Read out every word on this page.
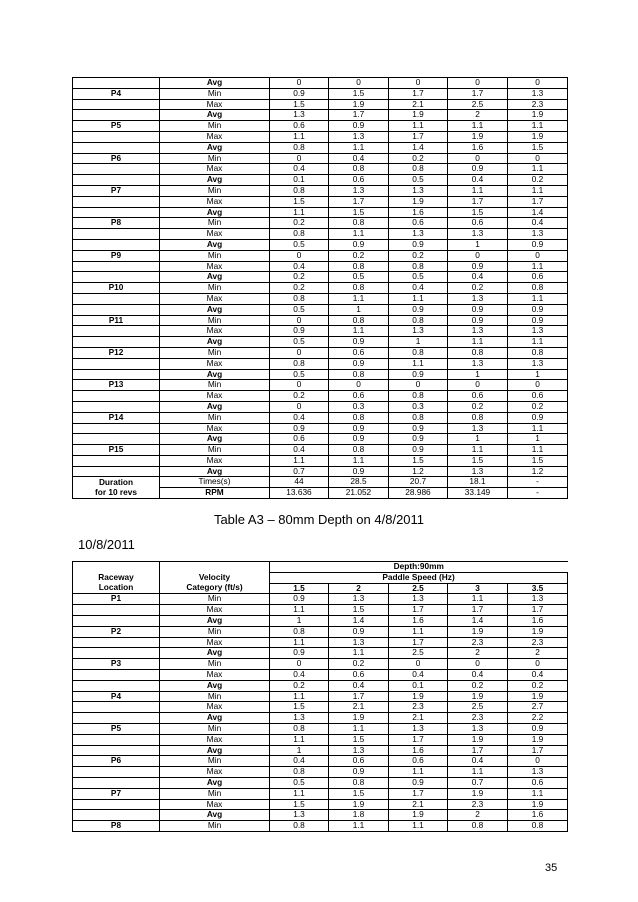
	Avg	0	0	0	0	0
P4	Min	0.9	1.5	1.7	1.7	1.3
	Max	1.5	1.9	2.1	2.5	2.3
	Avg	1.3	1.7	1.9	2	1.9
P5	Min	0.6	0.9	1.1	1.1	1.1
	Max	1.1	1.3	1.7	1.9	1.9
	Avg	0.8	1.1	1.4	1.6	1.5
P6	Min	0	0.4	0.2	0	0
	Max	0.4	0.8	0.8	0.9	1.1
	Avg	0.1	0.6	0.5	0.4	0.2
P7	Min	0.8	1.3	1.3	1.1	1.1
	Max	1.5	1.7	1.9	1.7	1.7
	Avg	1.1	1.5	1.6	1.5	1.4
P8	Min	0.2	0.8	0.6	0.6	0.4
	Max	0.8	1.1	1.3	1.3	1.3
	Avg	0.5	0.9	0.9	1	0.9
P9	Min	0	0.2	0.2	0	0
	Max	0.4	0.8	0.8	0.9	1.1
	Avg	0.2	0.5	0.5	0.4	0.6
P10	Min	0.2	0.8	0.4	0.2	0.8
	Max	0.8	1.1	1.1	1.3	1.1
	Avg	0.5	1	0.9	0.9	0.9
P11	Min	0	0.8	0.8	0.9	0.9
	Max	0.9	1.1	1.3	1.3	1.3
	Avg	0.5	0.9	1	1.1	1.1
P12	Min	0	0.6	0.8	0.8	0.8
	Max	0.8	0.9	1.1	1.3	1.3
	Avg	0.5	0.8	0.9	1	1
P13	Min	0	0	0	0	0
	Max	0.2	0.6	0.8	0.6	0.6
	Avg	0	0.3	0.3	0.2	0.2
P14	Min	0.4	0.8	0.8	0.8	0.9
	Max	0.9	0.9	0.9	1.3	1.1
	Avg	0.6	0.9	0.9	1	1
P15	Min	0.4	0.8	0.9	1.1	1.1
	Max	1.1	1.1	1.5	1.5	1.5
	Avg	0.7	0.9	1.2	1.3	1.2
Duration	Times(s)	44	28.5	20.7	18.1	-
for 10 revs	RPM	13.636	21.052	28.986	33.149	-
Table A3 – 80mm Depth on 4/8/2011
10/8/2011
		Depth:90mm				
Raceway	Velocity	Paddle Speed (Hz)				
Location	Category (ft/s)	1.5	2	2.5	3	3.5
P1	Min	0.9	1.3	1.3	1.1	1.3
	Max	1.1	1.5	1.7	1.7	1.7
	Avg	1	1.4	1.6	1.4	1.6
P2	Min	0.8	0.9	1.1	1.9	1.9
	Max	1.1	1.3	1.7	2.3	2.3
	Avg	0.9	1.1	2.5	2	2
P3	Min	0	0.2	0	0	0
	Max	0.4	0.6	0.4	0.4	0.4
	Avg	0.2	0.4	0.1	0.2	0.2
P4	Min	1.1	1.7	1.9	1.9	1.9
	Max	1.5	2.1	2.3	2.5	2.7
	Avg	1.3	1.9	2.1	2.3	2.2
P5	Min	0.8	1.1	1.3	1.3	0.9
	Max	1.1	1.5	1.7	1.9	1.9
	Avg	1	1.3	1.6	1.7	1.7
P6	Min	0.4	0.6	0.6	0.4	0
	Max	0.8	0.9	1.1	1.1	1.3
	Avg	0.5	0.8	0.9	0.7	0.6
P7	Min	1.1	1.5	1.7	1.9	1.1
	Max	1.5	1.9	2.1	2.3	1.9
	Avg	1.3	1.8	1.9	2	1.6
P8	Min	0.8	1.1	1.1	0.8	0.8
35
